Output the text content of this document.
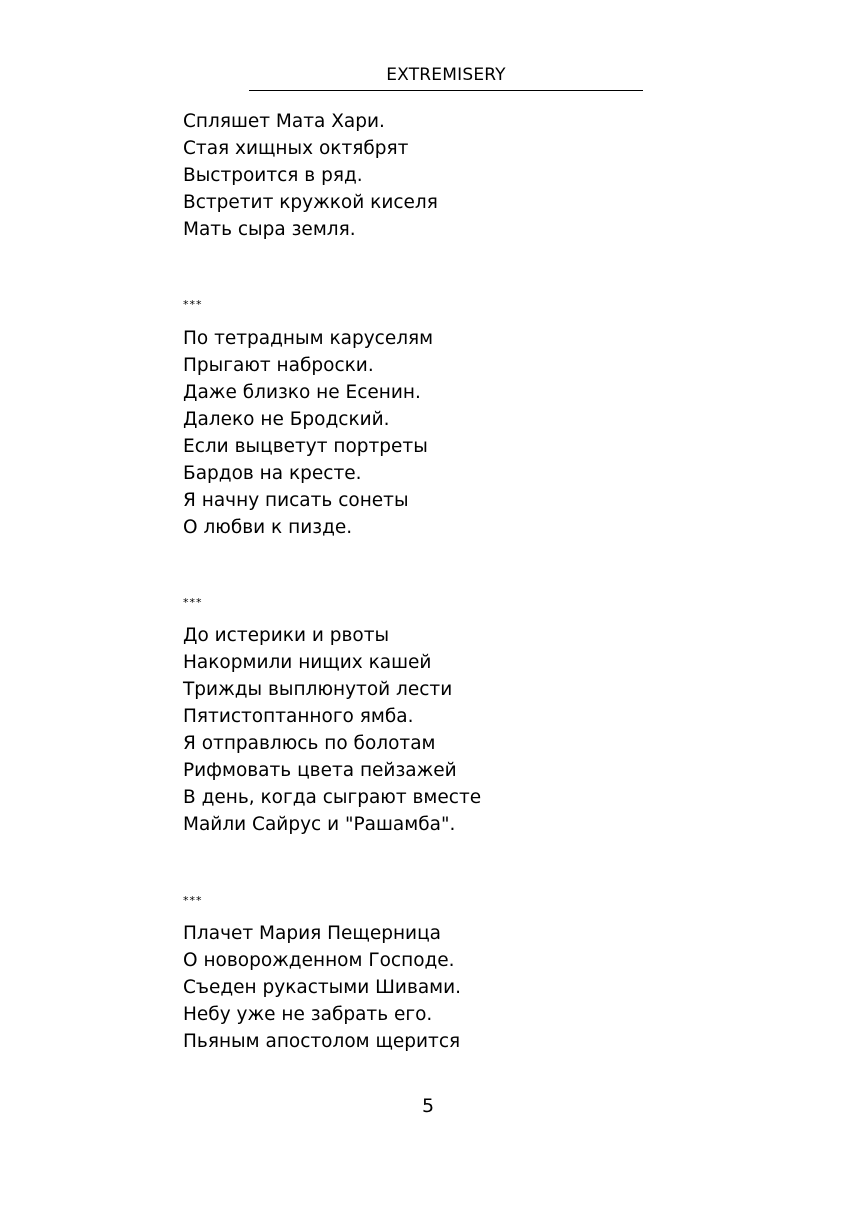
EXTREMISERY
Спляшет Мата Хари.
Стая хищных октябрят
Выстроится в ряд.
Встретит кружкой киселя
Мать сыра земля.
***
По тетрадным каруселям
Прыгают наброски.
Даже близко не Есенин.
Далеко не Бродский.
Если выцветут портреты
Бардов на кресте.
Я начну писать сонеты
О любви к пизде.
***
До истерики и рвоты
Накормили нищих кашей
Трижды выплюнутой лести
Пятистоптанного ямба.
Я отправлюсь по болотам
Рифмовать цвета пейзажей
В день, когда сыграют вместе
Майли Сайрус и "Рашамба".
***
Плачет Мария Пещерница
О новорожденном Господе.
Съеден рукастыми Шивами.
Небу уже не забрать его.
Пьяным апостолом щерится
5
